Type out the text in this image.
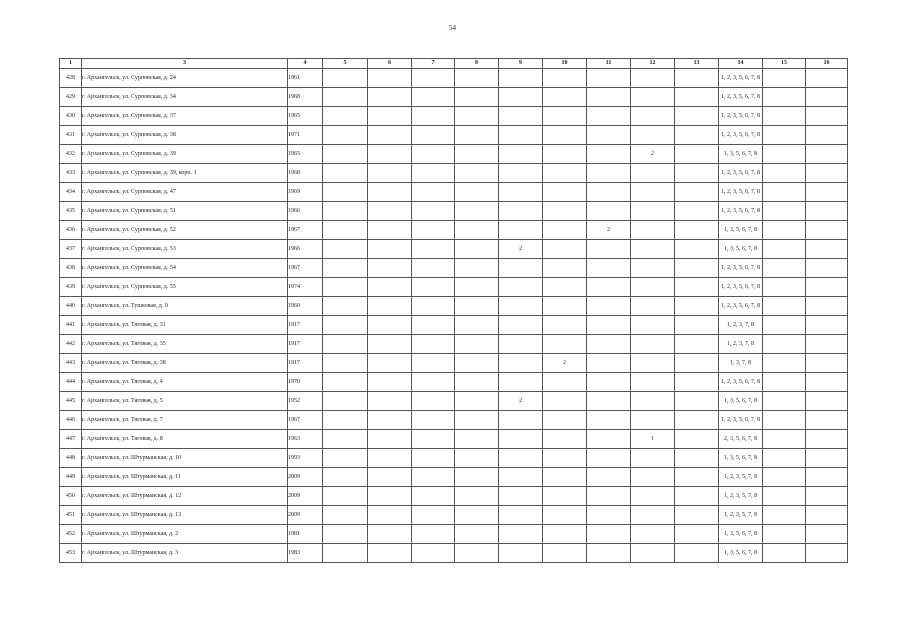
54
1	3	4	5	6	7	8	9	10	11	12	13	14	15	16
428	г. Архангельск, ул. Сурповская, д. 24	1961										1, 2, 3, 5, 6, 7, 8		
429	г. Архангельск, ул. Сурповская, д. 34	1968										1, 2, 3, 5, 6, 7, 8		
430	г. Архангельск, ул. Сурповская, д. 37	1965										1, 2, 3, 5, 6, 7, 8		
431	г. Архангельск, ул. Сурповская, д. 38	1971										1, 2, 3, 5, 6, 7, 8		
432	г. Архангельск, ул. Сурповская, д. 39	1965								2		1, 3, 5, 6, 7, 8		
433	г. Архангельск, ул. Сурповская, д. 39, корп. 1	1968										1, 2, 3, 5, 6, 7, 8		
434	г. Архангельск, ул. Сурповская, д. 47	1969										1, 2, 3, 5, 6, 7, 8		
435	г. Архангельск, ул. Сурповская, д. 51	1966										1, 2, 3, 5, 6, 7, 8		
436	г. Архангельск, ул. Сурповская, д. 52	1967							2			1, 3, 5, 6, 7, 8		
437	г. Архангельск, ул. Сурповская, д. 53	1966					2					1, 3, 5, 6, 7, 8		
438	г. Архангельск, ул. Сурповская, д. 54	1967										1, 2, 3, 5, 6, 7, 8		
439	г. Архангельск, ул. Сурповская, д. 55	1974										1, 2, 3, 5, 6, 7, 8		
440	г. Архангельск, ул. Тушковая, д. 9	1960										1, 2, 3, 5, 6, 7, 8		
441	г. Архангельск, ул. Тяговая, д. 31	1917										1, 2, 3, 7, 8		
442	г. Архангельск, ул. Тяговая, д. 35	1917										1, 2, 3, 7, 8		
443	г. Архангельск, ул. Тяговая, д. 38	1917						2				1, 3, 7, 8		
444	г. Архангельск, ул. Тяговая, д. 4	1970										1, 2, 3, 5, 6, 7, 8		
445	г. Архангельск, ул. Тяговая, д. 5	1952					2					1, 3, 5, 6, 7, 8		
446	г. Архангельск, ул. Тяговая, д. 7	1967										1, 2, 3, 5, 6, 7, 8		
447	г. Архангельск, ул. Тяговая, д. 8	1963								1		2, 3, 5, 6, 7, 8		
448	г. Архангельск, ул. Штурманская, д. 10	1993										1, 3, 5, 6, 7, 8		
449	г. Архангельск, ул. Штурманская, д. 11	2009										1, 2, 3, 5, 7, 8		
450	г. Архангельск, ул. Штурманская, д. 12	2009										1, 2, 3, 5, 7, 8		
451	г. Архангельск, ул. Штурманская, д. 13	2009										1, 2, 3, 5, 7, 8		
452	г. Архангельск, ул. Штурманская, д. 2	1981										1, 3, 5, 6, 7, 8		
453	г. Архангельск, ул. Штурманская, д. 3	1983										1, 3, 5, 6, 7, 8		
